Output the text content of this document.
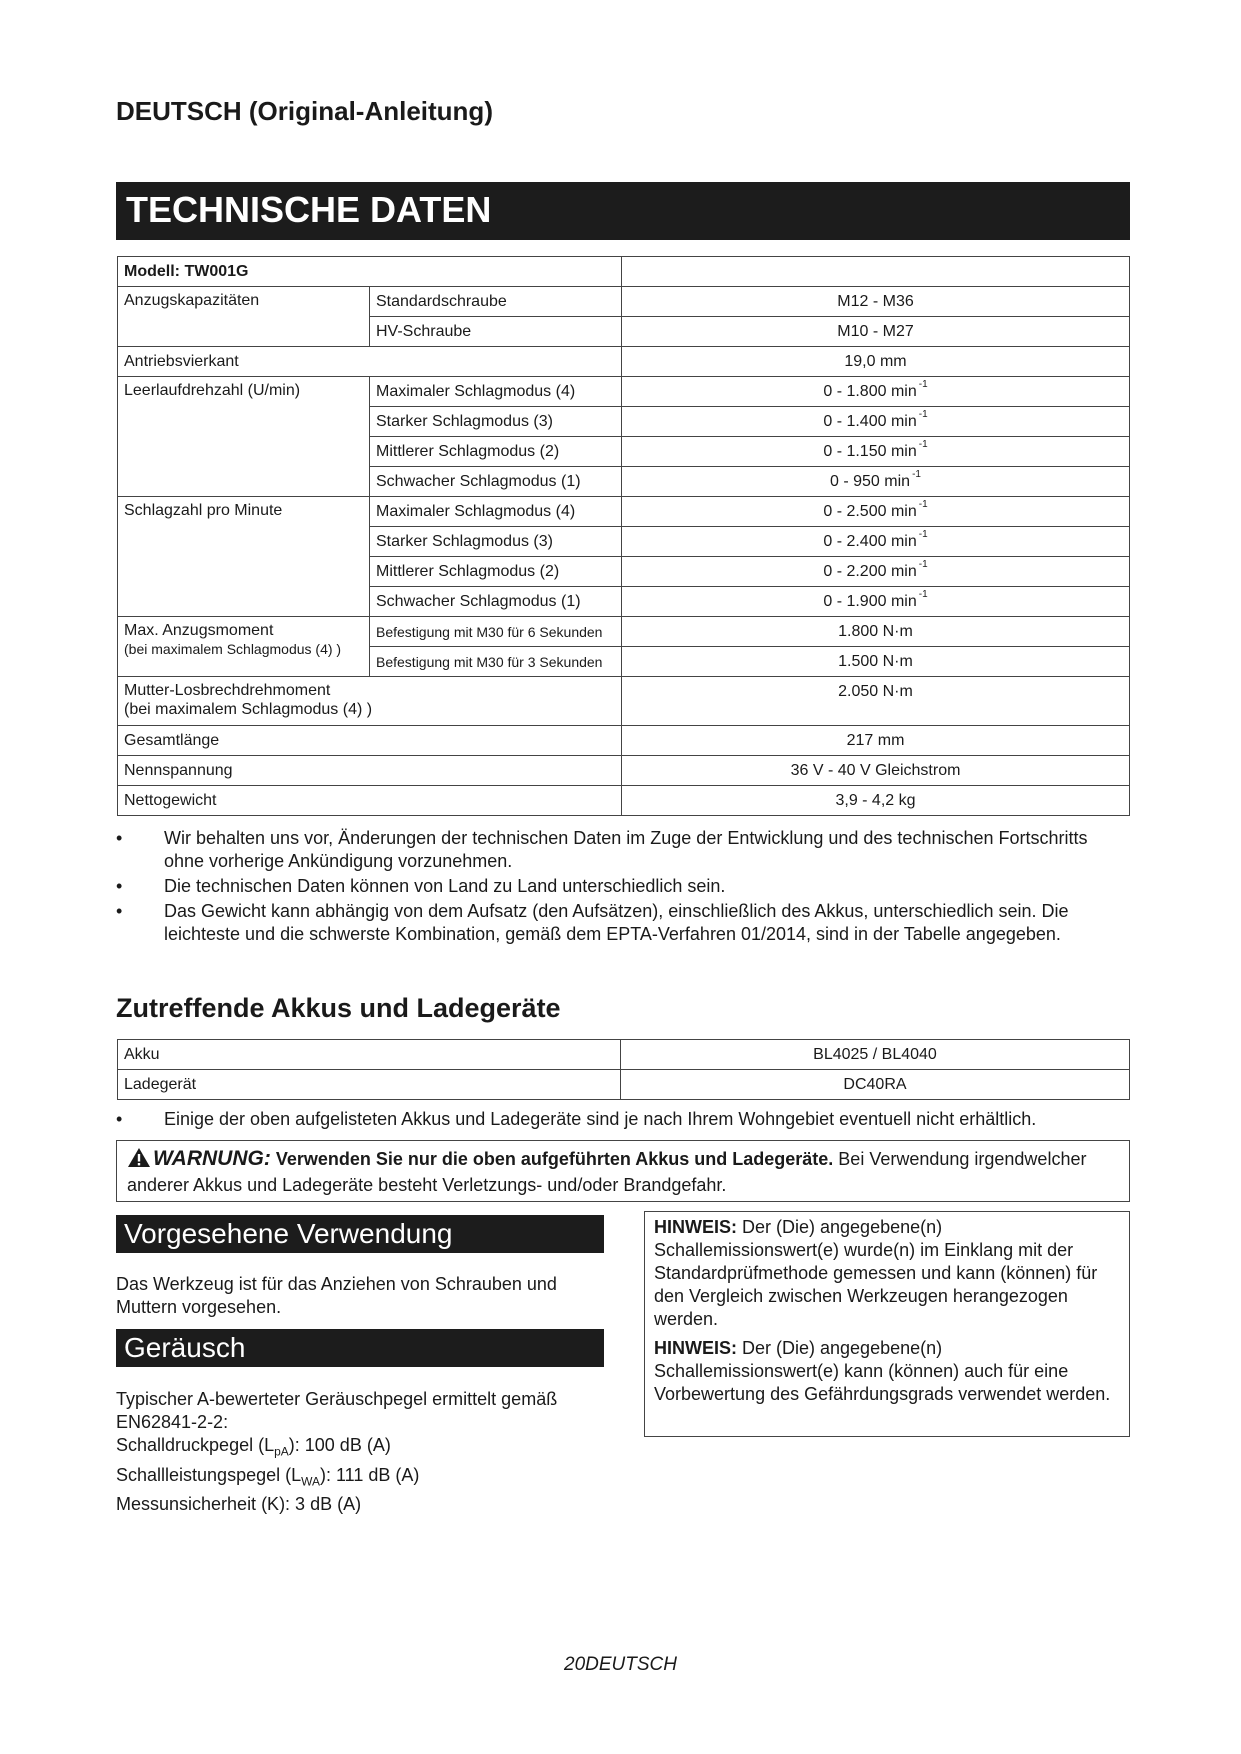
DEUTSCH (Original-Anleitung)
TECHNISCHE DATEN
Modell: TW001G		
Anzugskapazitäten	Standardschraube	M12 - M36
	HV-Schraube	M10 - M27
Antriebsvierkant		19,0 mm
Leerlaufdrehzahl (U/min)	Maximaler Schlagmodus (4)	0 - 1.800 min $^{-1}$
	Starker Schlagmodus (3)	0 - 1.400 min $^{-1}$
	Mittlerer Schlagmodus (2)	0 - 1.150 min $^{-1}$
	Schwacher Schlagmodus (1)	0 - 950 min $^{-1}$
Schlagzahl pro Minute	Maximaler Schlagmodus (4)	0 - 2.500 min $^{-1}$
	Starker Schlagmodus (3)	0 - 2.400 min $^{-1}$
	Mittlerer Schlagmodus (2)	0 - 2.200 min $^{-1}$
	Schwacher Schlagmodus (1)	0 - 1.900 min $^{-1}$
Max. Anzugsmoment
(bei maximalem Schlagmodus (4) )	Befestigung mit M30 für 6 Sekunden	1.800 N·m
	Befestigung mit M30 für 3 Sekunden	1.500 N·m
Mutter-Losbrechdrehmoment
(bei maximalem Schlagmodus (4) )		2.050 N·m
Gesamtlänge		217 mm
Nennspannung		36 V - 40 V Gleichstrom
Nettogewicht		3,9 - 4,2 kg
• Wir behalten uns vor, Änderungen der technischen Daten im Zuge der Entwicklung und des technischen Fortschritts ohne vorherige Ankündigung vorzunehmen.
• Die technischen Daten können von Land zu Land unterschiedlich sein.
• Das Gewicht kann abhängig von dem Aufsatz (den Aufsätzen), einschließlich des Akkus, unterschiedlich sein. Die leichteste und die schwerste Kombination, gemäß dem EPTA-Verfahren 01/2014, sind in der Tabelle angegeben.
Zutreffende Akkus und Ladegeräte
Akku	BL4025 / BL4040
Ladegerät	DC40RA
• Einige der oben aufgelisteten Akkus und Ladegeräte sind je nach Ihrem Wohngebiet eventuell nicht erhältlich.
WARNUNG: Verwenden Sie nur die oben aufgeführten Akkus und Ladegeräte. Bei Verwendung irgendwelcher anderer Akkus und Ladegeräte besteht Verletzungs- und/oder Brandgefahr.
Vorgesehene Verwendung

Das Werkzeug ist für das Anziehen von Schrauben und Muttern vorgesehen.

Geräusch
Typischer A-bewerteter Geräuschpegel ermittelt gemäß EN62841-2-2:
Schalldruckpegel $(L_{pA})$: 100 dB (A)
Schallleistungspegel $(L_{WA})$: 111 dB (A)
Messunsicherheit (K): 3 dB (A)

HINWEIS: Der (Die) angegebene(n) Schallemissionswert(e) wurde(n) im Einklang mit der Standardprüfmethode gemessen und kann (können) für den Vergleich zwischen Werkzeugen herangezogen werden.

HINWEIS: Der (Die) angegebene(n) Schallemissionswert(e) kann (können) auch für eine Vorbewertung des Gefährdungsgrads verwendet werden.

20DEUTSCH
